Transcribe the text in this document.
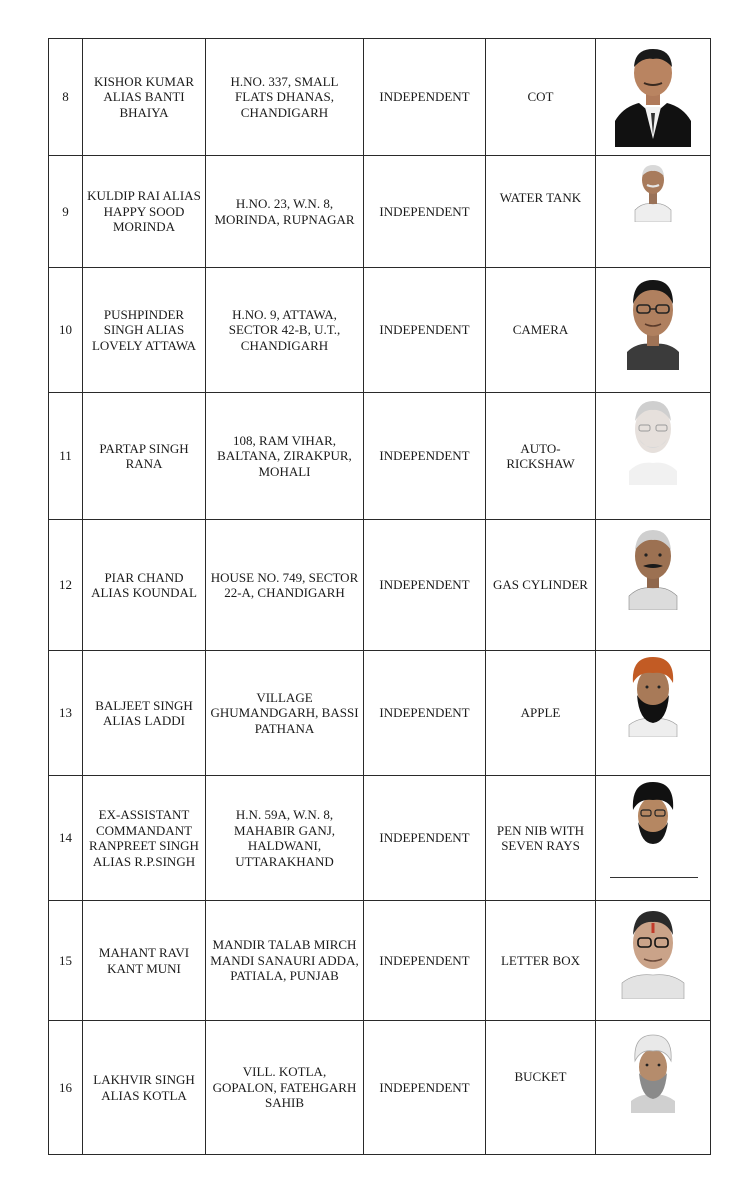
8	KISHOR KUMAR ALIAS BANTI BHAIYA	H.NO. 337, SMALL FLATS DHANAS, CHANDIGARH	INDEPENDENT	COT	

9	KULDIP RAI ALIAS HAPPY SOOD MORINDA	H.NO. 23, W.N. 8, MORINDA, RUPNAGAR	INDEPENDENT	WATER TANK	

10	PUSHPINDER SINGH ALIAS LOVELY ATTAWA	H.NO. 9, ATTAWA, SECTOR 42-B, U.T., CHANDIGARH	INDEPENDENT	CAMERA	

11	PARTAP SINGH RANA	108, RAM VIHAR, BALTANA, ZIRAKPUR, MOHALI	INDEPENDENT	AUTO-RICKSHAW	

12	PIAR CHAND ALIAS KOUNDAL	HOUSE NO. 749, SECTOR 22-A, CHANDIGARH	INDEPENDENT	GAS CYLINDER	

13	BALJEET SINGH ALIAS LADDI	VILLAGE GHUMANDGARH, BASSI PATHANA	INDEPENDENT	APPLE	

14	EX-ASSISTANT COMMANDANT RANPREET SINGH ALIAS R.P.SINGH	H.N. 59A, W.N. 8, MAHABIR GANJ, HALDWANI, UTTARAKHAND	INDEPENDENT	PEN NIB WITH SEVEN RAYS	

15	MAHANT RAVI KANT MUNI	MANDIR TALAB MIRCH MANDI SANAURI ADDA, PATIALA, PUNJAB	INDEPENDENT	LETTER BOX	

16	LAKHVIR SINGH ALIAS KOTLA	VILL. KOTLA, GOPALON, FATEHGARH SAHIB	INDEPENDENT	BUCKET	
